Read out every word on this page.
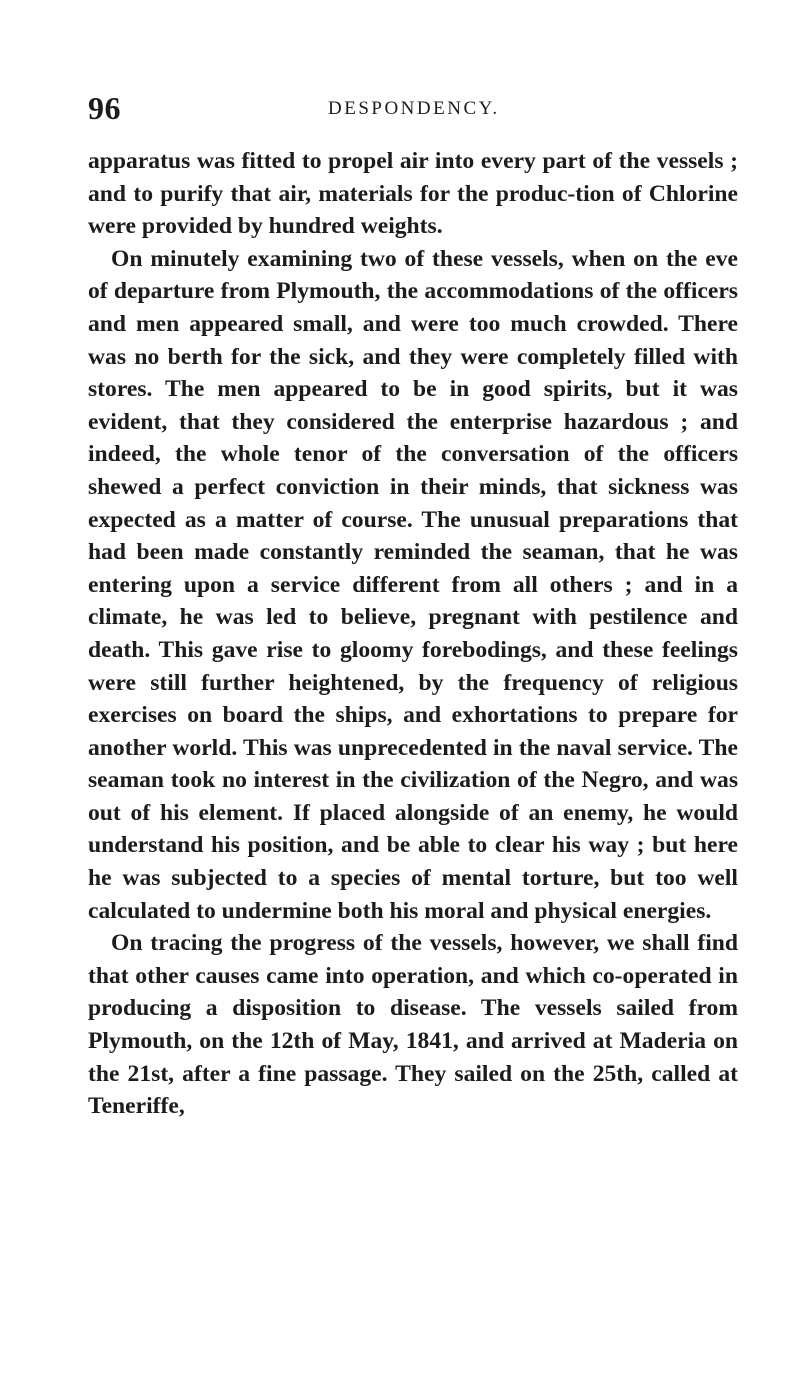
96	DESPONDENCY.

apparatus was fitted to propel air into every part of the vessels ; and to purify that air, materials for the produc-tion of Chlorine were provided by hundred weights.

On minutely examining two of these vessels, when on the eve of departure from Plymouth, the accommodations of the officers and men appeared small, and were too much crowded. There was no berth for the sick, and they were completely filled with stores. The men appeared to be in good spirits, but it was evident, that they considered the enterprise hazardous ; and indeed, the whole tenor of the conversation of the officers shewed a perfect conviction in their minds, that sickness was expected as a matter of course. The unusual preparations that had been made constantly reminded the seaman, that he was entering upon a service different from all others ; and in a climate, he was led to believe, pregnant with pestilence and death. This gave rise to gloomy forebodings, and these feelings were still further heightened, by the frequency of religious exercises on board the ships, and exhortations to prepare for another world. This was unprecedented in the naval service. The seaman took no interest in the civilization of the Negro, and was out of his element. If placed alongside of an enemy, he would understand his position, and be able to clear his way ; but here he was subjected to a species of mental torture, but too well calculated to undermine both his moral and physical energies.

On tracing the progress of the vessels, however, we shall find that other causes came into operation, and which co-operated in producing a disposition to disease. The vessels sailed from Plymouth, on the 12th of May, 1841, and arrived at Maderia on the 21st, after a fine passage. They sailed on the 25th, called at Teneriffe,
